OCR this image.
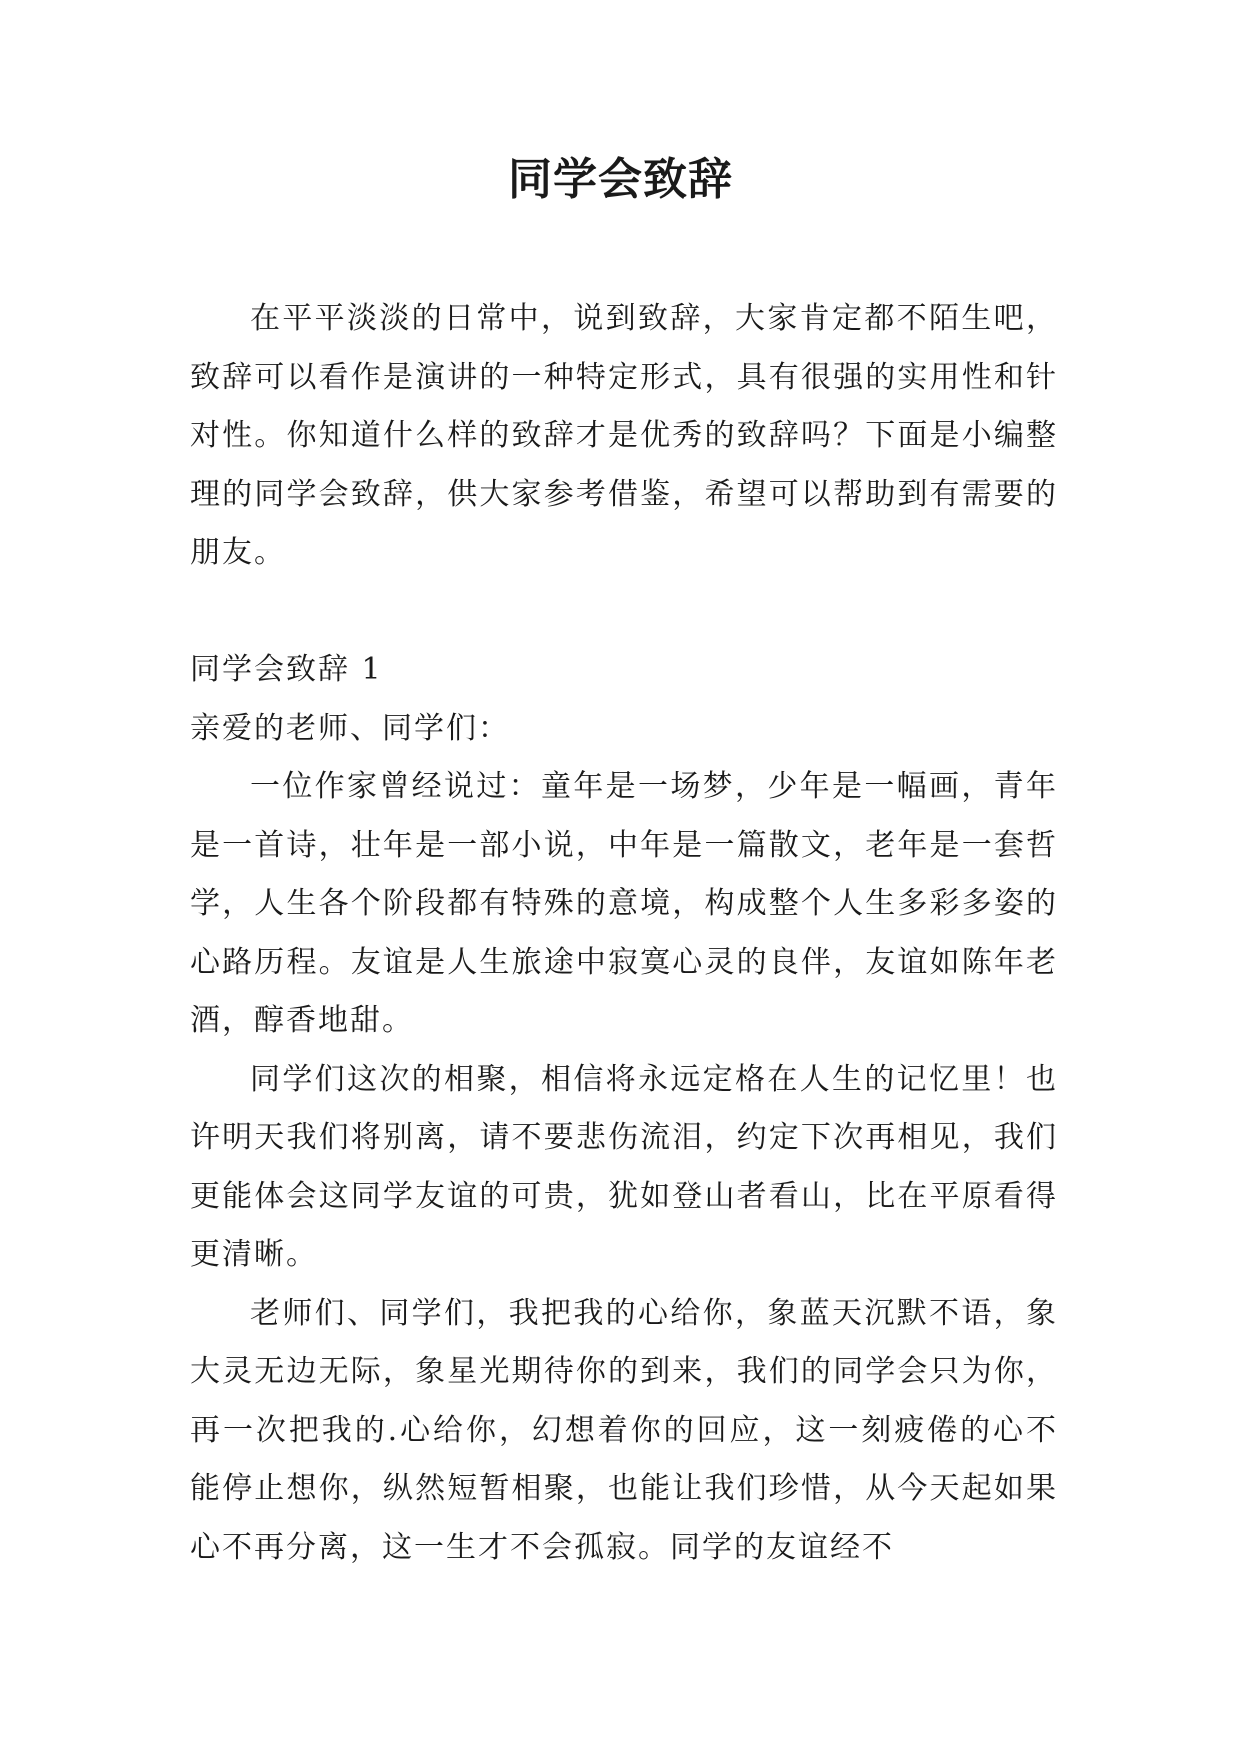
同学会致辞

在平平淡淡的日常中，说到致辞，大家肯定都不陌生吧，致辞可以看作是演讲的一种特定形式，具有很强的实用性和针对性。你知道什么样的致辞才是优秀的致辞吗？下面是小编整理的同学会致辞，供大家参考借鉴，希望可以帮助到有需要的朋友。

同学会致辞 1

亲爱的老师、同学们：

一位作家曾经说过：童年是一场梦，少年是一幅画，青年是一首诗，壮年是一部小说，中年是一篇散文，老年是一套哲学，人生各个阶段都有特殊的意境，构成整个人生多彩多姿的心路历程。友谊是人生旅途中寂寞心灵的良伴，友谊如陈年老酒，醇香地甜。

同学们这次的相聚，相信将永远定格在人生的记忆里！也许明天我们将别离，请不要悲伤流泪，约定下次再相见，我们更能体会这同学友谊的可贵，犹如登山者看山，比在平原看得更清晰。

老师们、同学们，我把我的心给你，象蓝天沉默不语，象大灵无边无际，象星光期待你的到来，我们的同学会只为你，再一次把我的.心给你，幻想着你的回应，这一刻疲倦的心不能停止想你，纵然短暂相聚，也能让我们珍惜，从今天起如果心不再分离，这一生才不会孤寂。同学的友谊经不
